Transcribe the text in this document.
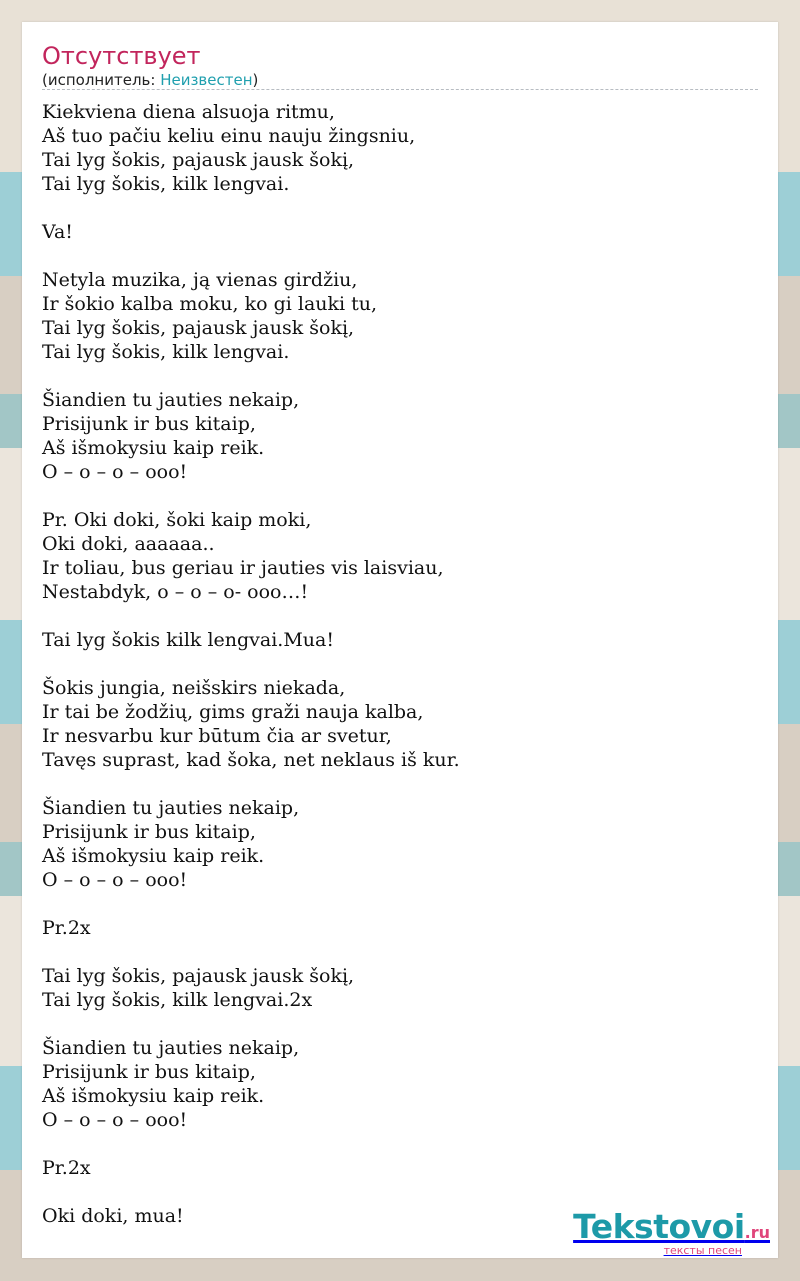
Отсутствует
(исполнитель: Неизвестен)
Kiekviena diena alsuoja ritmu,
Aš tuo pačiu keliu einu nauju žingsniu,
Tai lyg šokis, pajausk jausk šokį,
Tai lyg šokis, kilk lengvai.
Va!
Netyla muzika, ją vienas girdžiu,
Ir šokio kalba moku, ko gi lauki tu,
Tai lyg šokis, pajausk jausk šokį,
Tai lyg šokis, kilk lengvai.
Šiandien tu jauties nekaip,
Prisijunk ir bus kitaip,
Aš išmokysiu kaip reik.
O – o – o – ooo!
Pr. Oki doki, šoki kaip moki,
Oki doki, aaaaaa..
Ir toliau, bus geriau ir jauties vis laisviau,
Nestabdyk, o – o – o- ooo…!
Tai lyg šokis kilk lengvai.Mua!
Šokis jungia, neišskirs niekada,
Ir tai be žodžių, gims graži nauja kalba,
Ir nesvarbu kur būtum čia ar svetur,
Tavęs suprast, kad šoka, net neklaus iš kur.
Šiandien tu jauties nekaip,
Prisijunk ir bus kitaip,
Aš išmokysiu kaip reik.
O – o – o – ooo!
Pr.2x
Tai lyg šokis, pajausk jausk šokį,
Tai lyg šokis, kilk lengvai.2x
Šiandien tu jauties nekaip,
Prisijunk ir bus kitaip,
Aš išmokysiu kaip reik.
O – o – o – ooo!
Pr.2x
Oki doki, mua!	Tekstovoi.ru
тексты песен
